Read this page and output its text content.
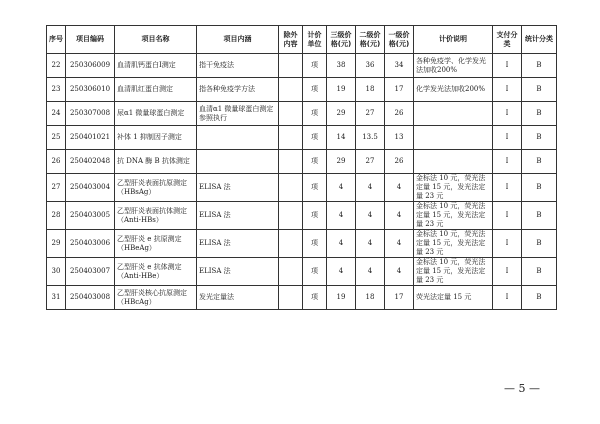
序号	项目编码	项目名称	项目内涵	除外内容	计价单位	三级价格(元)	二级价格(元)	一级价格(元)	计价说明	支付分类	统计分类
22	250306009	血清肌钙蛋白Ⅰ测定	指干免疫法		项	38	36	34	各种免疫学、化学发光法加收200%	Ⅰ	B
23	250306010	血清肌红蛋白测定	指各种免疫学方法		项	19	18	17	化学发光法加收200%	Ⅰ	B
24	250307008	尿α1 微量球蛋白测定	血清α1 微量球蛋白测定参照执行		项	29	27	26		Ⅰ	B
25	250401021	补体 1 抑制因子测定			项	14	13.5	13		Ⅰ	B
26	250402048	抗 DNA 酶 B 抗体测定			项	29	27	26		Ⅰ	B
27	250403004	乙型肝炎表面抗原测定（HBsAg）	ELISA 法		项	4	4	4	金标法 10 元，荧光法定量 15 元，发光法定量 23 元	Ⅰ	B
28	250403005	乙型肝炎表面抗体测定（Anti-HBs）	ELISA 法		项	4	4	4	金标法 10 元，荧光法定量 15 元，发光法定量 23 元	Ⅰ	B
29	250403006	乙型肝炎 e 抗原测定（HBeAg）	ELISA 法		项	4	4	4	金标法 10 元，荧光法定量 15 元，发光法定量 23 元	Ⅰ	B
30	250403007	乙型肝炎 e 抗体测定（Anti-HBe）	ELISA 法		项	4	4	4	金标法 10 元，荧光法定量 15 元，发光法定量 23 元	Ⅰ	B
31	250403008	乙型肝炎核心抗原测定（HBcAg）	发光定量法		项	19	18	17	荧光法定量 15 元	Ⅰ	B
— 5 —
